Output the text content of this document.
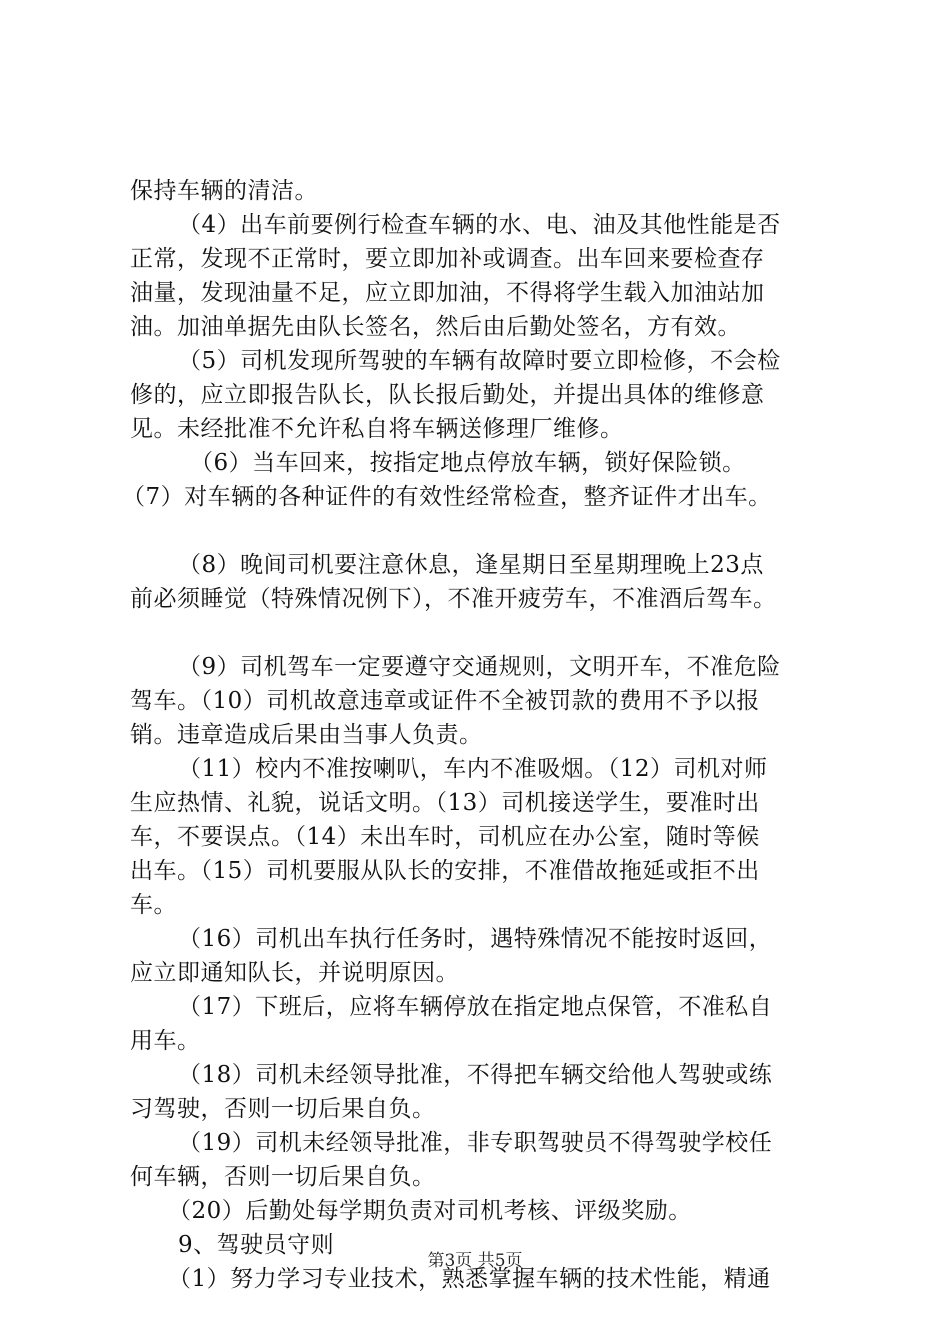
保持车辆的清洁。
（4）出车前要例行检查车辆的水、电、油及其他性能是否
正常，发现不正常时，要立即加补或调查。出车回来要检查存
油量，发现油量不足，应立即加油，不得将学生载入加油站加
油。加油单据先由队长签名，然后由后勤处签名，方有效。
（5）司机发现所驾驶的车辆有故障时要立即检修，不会检
修的，应立即报告队长，队长报后勤处，并提出具体的维修意
见。未经批准不允许私自将车辆送修理厂维修。
（6）当车回来，按指定地点停放车辆，锁好保险锁。
（7）对车辆的各种证件的有效性经常检查，整齐证件才出车。
（8）晚间司机要注意休息，逢星期日至星期理晚上23点
前必须睡觉（特殊情况例下），不准开疲劳车，不准酒后驾车。
（9）司机驾车一定要遵守交通规则，文明开车，不准危险
驾车。（10）司机故意违章或证件不全被罚款的费用不予以报
销。违章造成后果由当事人负责。
（11）校内不准按喇叭，车内不准吸烟。（12）司机对师
生应热情、礼貌，说话文明。（13）司机接送学生，要准时出
车，不要误点。（14）未出车时，司机应在办公室，随时等候
出车。（15）司机要服从队长的安排，不准借故拖延或拒不出
车。
（16）司机出车执行任务时，遇特殊情况不能按时返回，
应立即通知队长，并说明原因。
（17）下班后，应将车辆停放在指定地点保管，不准私自
用车。
（18）司机未经领导批准，不得把车辆交给他人驾驶或练
习驾驶，否则一切后果自负。
（19）司机未经领导批准，非专职驾驶员不得驾驶学校任
何车辆，否则一切后果自负。
（20）后勤处每学期负责对司机考核、评级奖励。
9、驾驶员守则
（1）努力学习专业技术，熟悉掌握车辆的技术性能，精通
第3页 共5页
